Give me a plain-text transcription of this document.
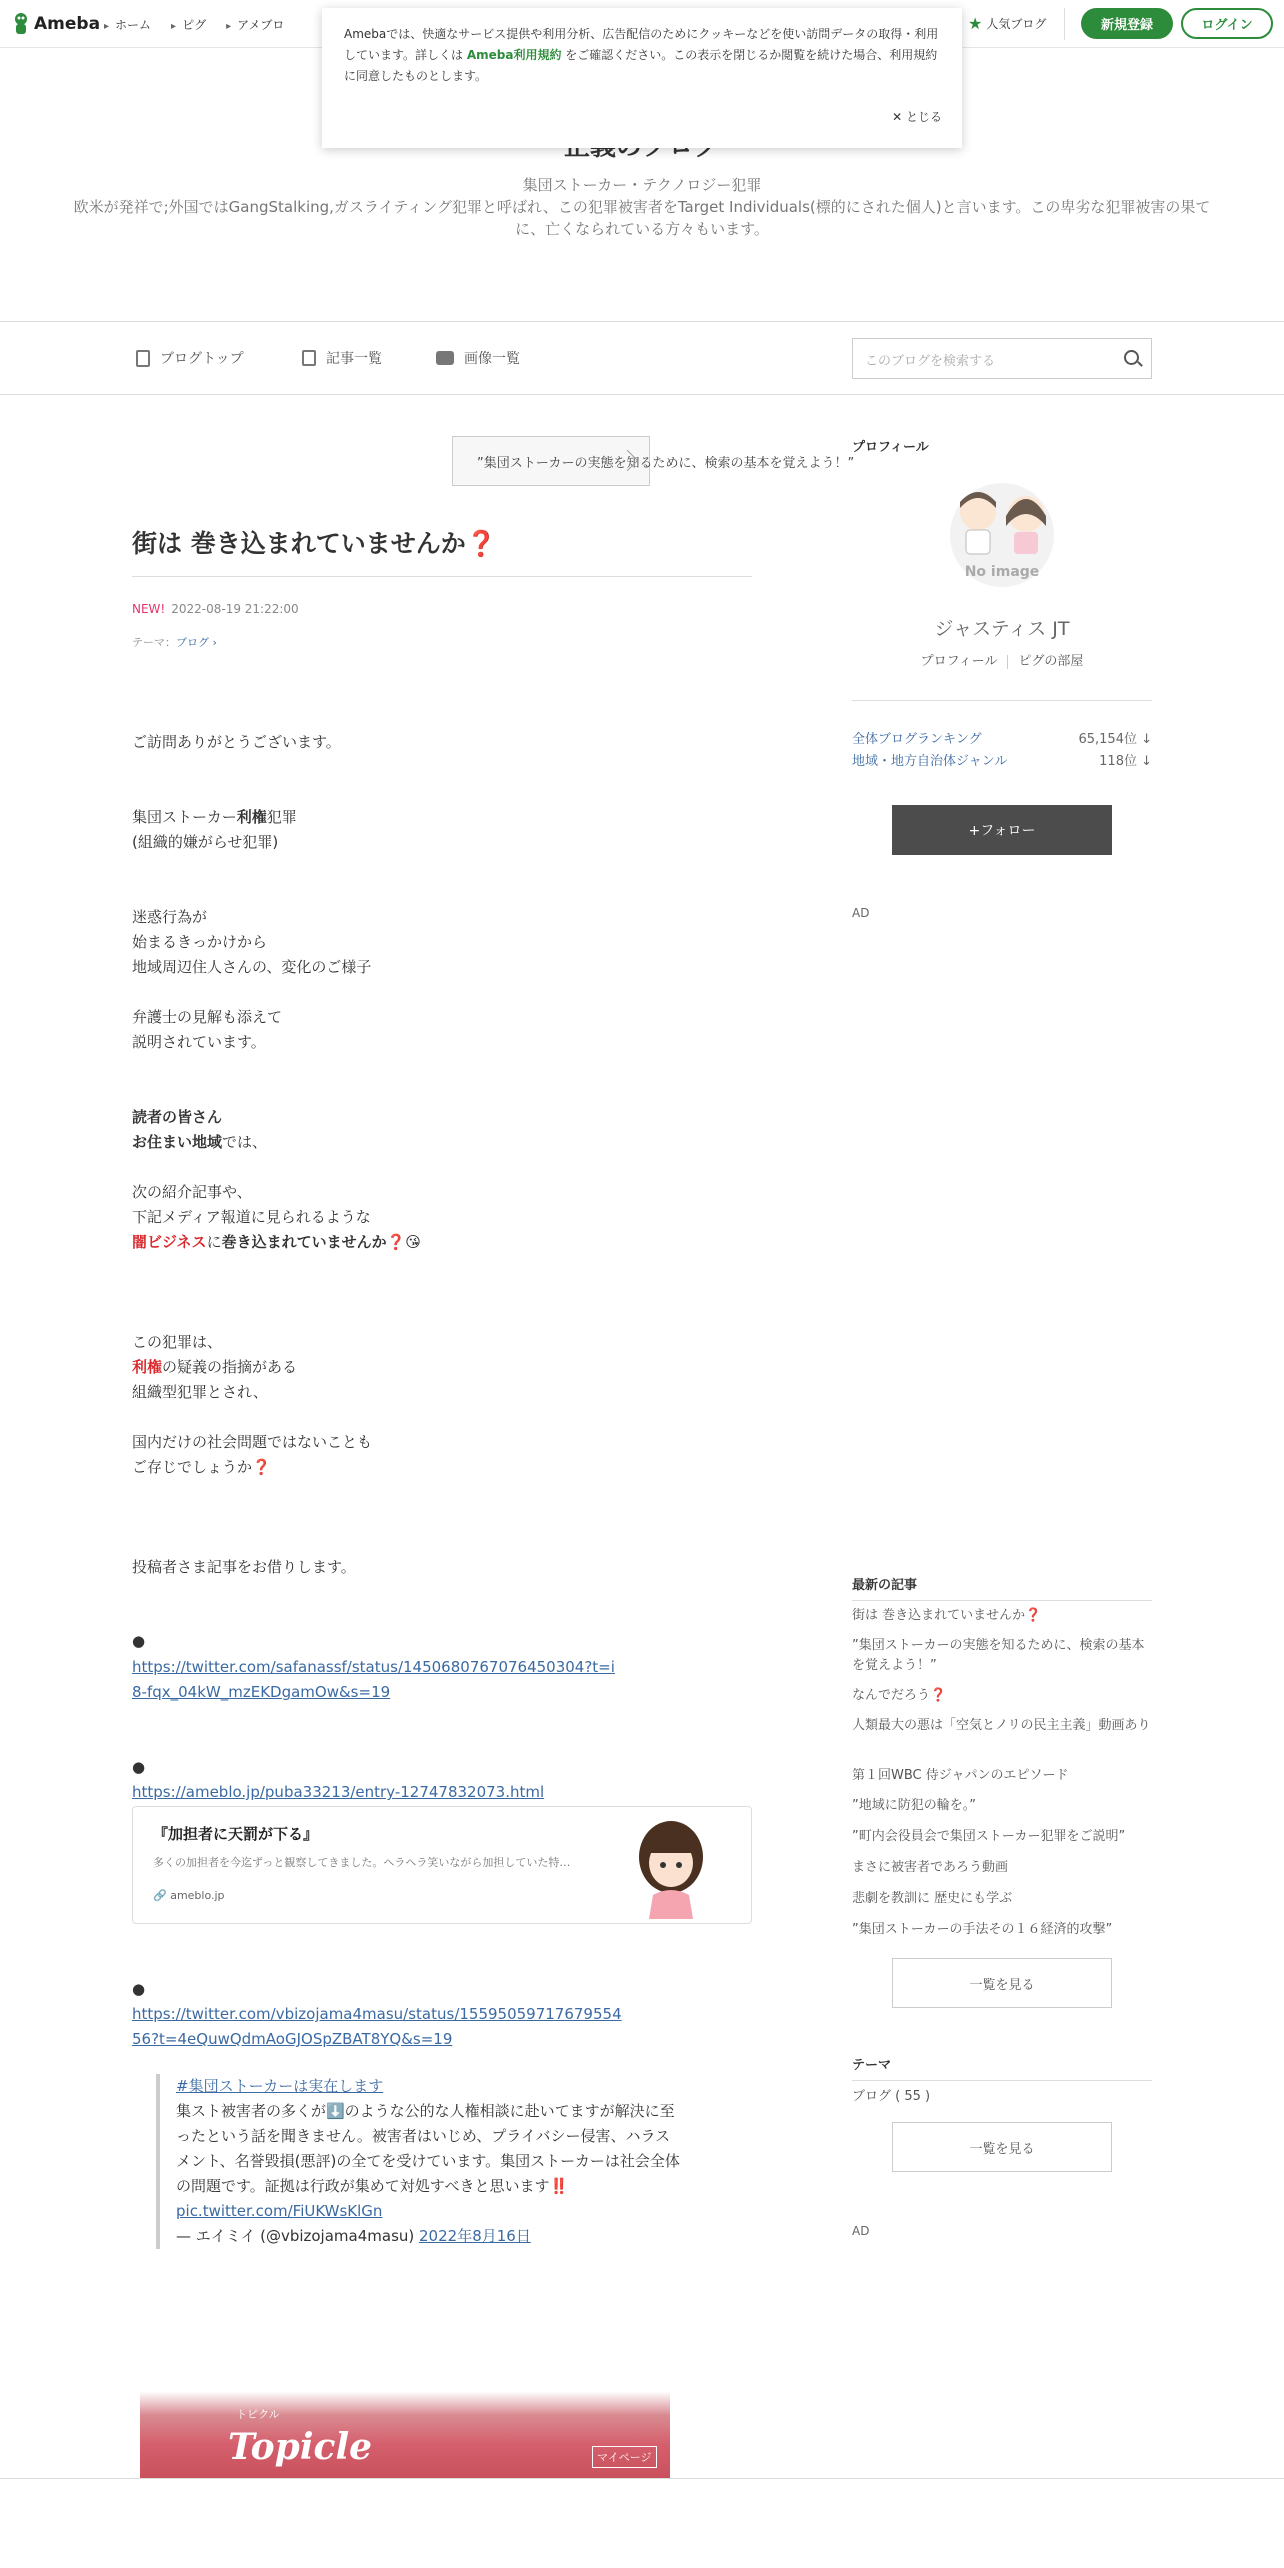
Ameba	▸ ホーム	▸ ピグ	▸ アメブロ	★ 人気ブログ	新規登録	ログイン

Amebaでは、快適なサービス提供や利用分析、広告配信のためにクッキーなどを使い訪問データの取得・利用しています。詳しくは Ameba利用規約 をご確認ください。この表示を閉じるか閲覧を続けた場合、利用規約に同意したものとします。

✕ とじる
集団ストーカー・テクノロジー犯罪
欧米が発祥で;外国ではGangStalking,ガスライティング犯罪と呼ばれ、この犯罪被害者をTarget Individuals(標的にされた個人)と言います。この卑劣な犯罪被害の果てに、亡くなられている方々もいます。
ブログトップ	記事一覧	画像一覧	このブログを検索する
”集団ストーカーの実態を知るために、検索の基本を覚えよう！”
街は 巻き込まれていませんか❓
NEW! 2022-08-19 21:22:00
テーマ：ブログ ›
ご訪問ありがとうございます。
集団ストーカー利権犯罪
(組織的嫌がらせ犯罪)
迷惑行為が
始まるきっかけから
地域周辺住人さんの、変化のご様子
弁護士の見解も添えて
説明されています。
読者の皆さん
お住まい地域では、
次の紹介記事や、
下記メディア報道に見られるような
闇ビジネスに巻き込まれていませんか❓😘
この犯罪は、
利権の疑義の指摘がある
組織型犯罪とされ、
国内だけの社会問題ではないことも
ご存じでしょうか❓
投稿者さま記事をお借りします。
●
https://twitter.com/safanassf/status/1450680767076450304?t=i8-fqx_04kW_mzEKDgamOw&s=19
●
https://ameblo.jp/puba33213/entry-12747832073.html
『加担者に天罰が下る』
多くの加担者を今迄ずっと観察してきました。ヘラヘラ笑いながら加担していた特…
🔗 ameblo.jp
●
https://twitter.com/vbizojama4masu/status/1559505971767955456?t=4eQuwQdmAoGJOSpZBAT8YQ&s=19
#集団ストーカーは実在します
集スト被害者の多くが⬇️のような公的な人権相談に赴いてますが解決に至
ったという話を聞きません。被害者はいじめ、プライバシー侵害、ハラス
メント、名誉毀損(悪評)の全てを受けています。集団ストーカーは社会全体
の問題です。証拠は行政が集めて対処すべきと思います‼️
pic.twitter.com/FiUKWsKlGn
— エイミイ (@vbizojama4masu) 2022年8月16日
トピクル
Topicle	マイページ
プロフィール
No image
ジャスティス JT
プロフィール ピグの部屋
全体ブログランキング	65,154位 ↓
地域・地方自治体ジャンル	118位 ↓
+フォロー
AD
最新の記事
街は 巻き込まれていませんか❓
”集団ストーカーの実態を知るために、検索の基本を覚えよう！”
なんでだろう❓
人類最大の悪は「空気とノリの民主主義」動画あり
第１回WBC 侍ジャパンのエピソード
”地域に防犯の輪を。”
”町内会役員会で集団ストーカー犯罪をご説明”
まさに被害者であろう動画
悲劇を教訓に 歴史にも学ぶ
”集団ストーカーの手法その１６経済的攻撃”
一覧を見る
テーマ
ブログ ( 55 )
一覧を見る
AD
